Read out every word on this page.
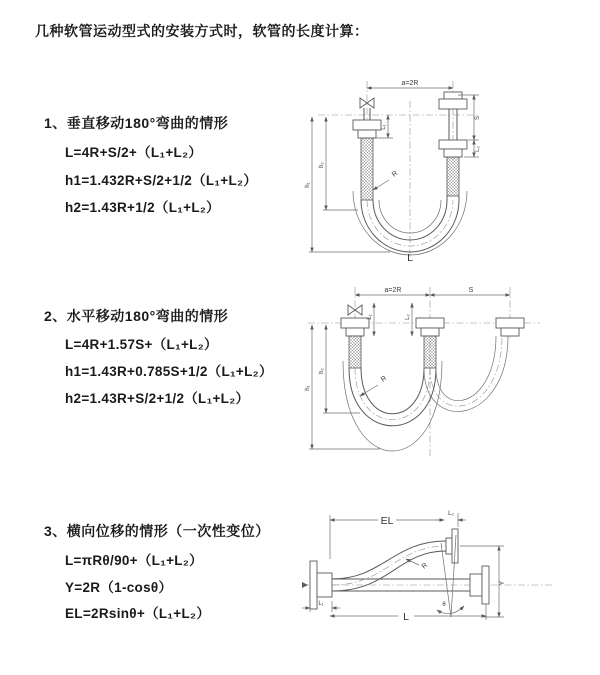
几种软管运动型式的安装方式时，软管的长度计算：
1、垂直移动180°弯曲的情形
L=4R+S/2+（L₁+L₂）
h1=1.432R+S/2+1/2（L₁+L₂）
h2=1.43R+1/2（L₁+L₂）
2、水平移动180°弯曲的情形
L=4R+1.57S+（L₁+L₂）
h1=1.43R+0.785S+1/2（L₁+L₂）
h2=1.43R+S/2+1/2（L₁+L₂）
3、横向位移的情形（一次性变位）
L=πRθ/90+（L₁+L₂）
Y=2R（1-cosθ）
EL=2Rsinθ+（L₁+L₂）
a=2R
h₁
h₂
L₁
S
L₂
R
L
a=2R	S
h₁
h₂
L₁	L₂
R
θ
R
EL
L₂
Y
L₁
L
